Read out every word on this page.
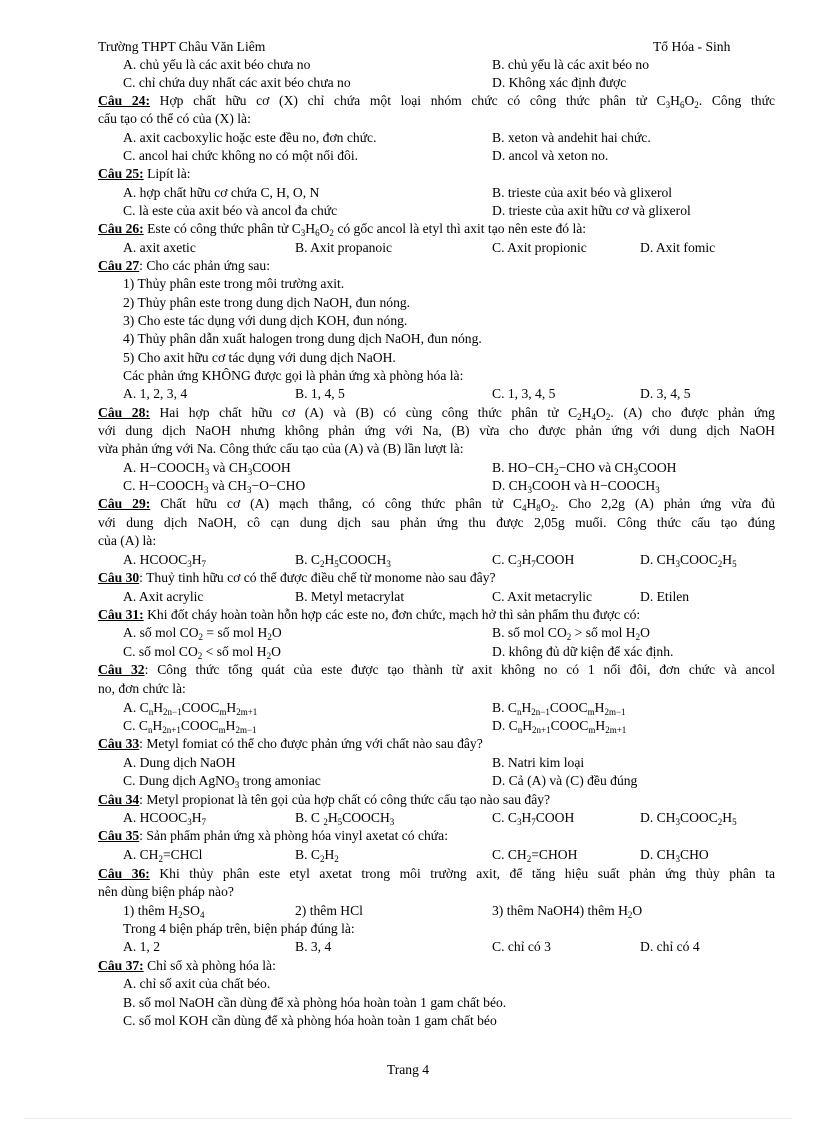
Trường THPT Châu Văn Liêm	Tổ Hóa - Sinh
A. chủ yếu là các axit béo chưa no	B. chủ yếu là các axit béo no
C. chỉ chứa duy nhất các axit béo chưa no	D. Không xác định được
Câu 24: Hợp chất hữu cơ (X) chỉ chứa một loại nhóm chức có công thức phân tử $C_3H_6O_2$. Công thức
cấu tạo có thể có của (X) là:
A. axit cacboxylic hoặc este đều no, đơn chức.	B. xeton và andehit hai chức.
C. ancol hai chức không no có một nối đôi.	D. ancol và xeton no.
Câu 25: Lipít là:
A. hợp chất hữu cơ chứa C, H, O, N	B. trieste của axit béo và glixerol
C. là este của axit béo và ancol đa chức	D. trieste của axit hữu cơ và glixerol
Câu 26: Este có công thức phân tử $C_3H_6O_2$ có gốc ancol là etyl thì axit tạo nên este đó là:
A. axit axetic	B. Axit propanoic	C. Axit propionic	D. Axit fomic
Câu 27: Cho các phản ứng sau:
1) Thủy phân este trong môi trường axit.
2) Thủy phân este trong dung dịch NaOH, đun nóng.
3) Cho este tác dụng với dung dịch KOH, đun nóng.
4) Thủy phân dẫn xuất halogen trong dung dịch NaOH, đun nóng.
5) Cho axit hữu cơ tác dụng với dung dịch NaOH.
Các phản ứng KHÔNG được gọi là phản ứng xà phòng hóa là:
A. 1, 2, 3, 4	B. 1, 4, 5	C. 1, 3, 4, 5	D. 3, 4, 5
Câu 28: Hai hợp chất hữu cơ (A) và (B) có cùng công thức phân tử $C_2H_4O_2$. (A) cho được phản ứng
với dung dịch NaOH nhưng không phản ứng với Na, (B) vừa cho được phản ứng với dung dịch NaOH
vừa phản ứng với Na. Công thức cấu tạo của (A) và (B) lần lượt là:
A. $H-COOCH_3$ và $CH_3COOH$	B. $HO-CH_2-CHO$ và $CH_3COOH$
C. $H-COOCH_3$ và $CH_3-O-CHO$	D. $CH_3COOH$ và $H-COOCH_3$
Câu 29: Chất hữu cơ (A) mạch thẳng, có công thức phân tử $C_4H_8O_2$. Cho 2,2g (A) phản ứng vừa đủ
với dung dịch NaOH, cô cạn dung dịch sau phản ứng thu được 2,05g muối. Công thức cấu tạo đúng
của (A) là:
A. $HCOOC_3H_7$	B. $C_2H_5COOCH_3$	C. $C_3H_7COOH$	D. $CH_3COOC_2H_5$
Câu 30: Thuỷ tinh hữu cơ có thể được điều chế từ monome nào sau đây?
A. Axit acrylic	B. Metyl metacrylat	C. Axit metacrylic	D. Etilen
Câu 31: Khi đốt cháy hoàn toàn hỗn hợp các este no, đơn chức, mạch hở thì sản phẩm thu được có:
A. số mol $CO_2$ = số mol $H_2O$	B. số mol $CO_2$ > số mol $H_2O$
C. số mol $CO_2$ < số mol $H_2O$	D. không đủ dữ kiện để xác định.
Câu 32: Công thức tổng quát của este được tạo thành từ axit không no có 1 nối đôi, đơn chức và ancol
no, đơn chức là:
A. $C_nH_{2n-1}COOC_mH_{2m+1}$	B. $C_nH_{2n-1}COOC_mH_{2m-1}$
C. $C_nH_{2n+1}COOC_mH_{2m-1}$	D. $C_nH_{2n+1}COOC_mH_{2m+1}$
Câu 33: Metyl fomiat có thể cho được phản ứng với chất nào sau đây?
A. Dung dịch NaOH	B. Natri kim loại
C. Dung dịch AgNO$_3$ trong amoniac	D. Cả (A) và (C) đều đúng
Câu 34: Metyl propionat là tên gọi của hợp chất có công thức cấu tạo nào sau đây?
A. $HCOOC_3H_7$	B. C $_2H_5COOCH_3$	C. $C_3H_7COOH$	D. $CH_3COOC_2H_5$
Câu 35: Sản phẩm phản ứng xà phòng hóa vinyl axetat có chứa:
A. $CH_2=CHCl$	B. $C_2H_2$	C. $CH_2=CHOH$	D. $CH_3CHO$
Câu 36: Khi thủy phân este etyl axetat trong môi trường axit, để tăng hiệu suất phản ứng thủy phân ta
nên dùng biện pháp nào?
1) thêm $H_2SO_4$	2) thêm HCl	3) thêm NaOH4) thêm $H_2O$
Trong 4 biện pháp trên, biện pháp đúng là:
A. 1, 2	B. 3, 4	C. chỉ có 3	D. chỉ có 4
Câu 37: Chỉ số xà phòng hóa là:
A. chỉ số axit của chất béo.
B. số mol NaOH cần dùng để xà phòng hóa hoàn toàn 1 gam chất béo.
C. số mol KOH cần dùng để xà phòng hóa hoàn toàn 1 gam chất béo
Trang 4
